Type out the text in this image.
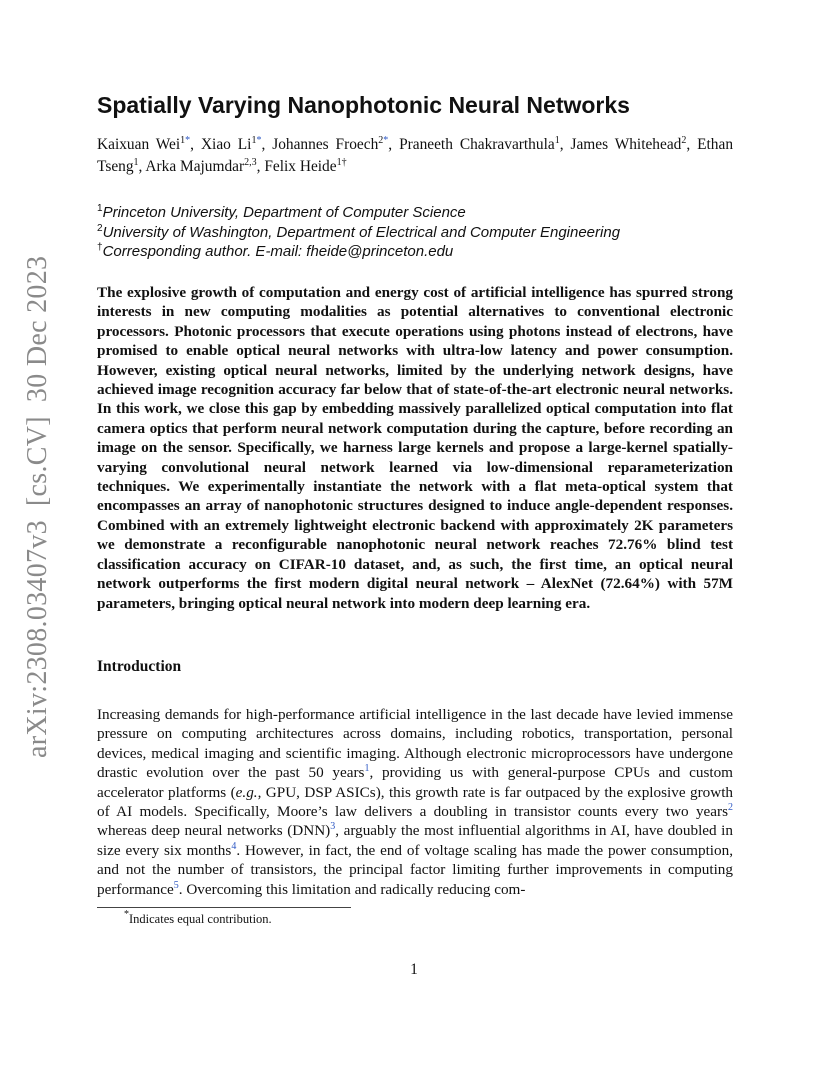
arXiv:2308.03407v3[cs.CV]30 Dec 2023
Spatially Varying Nanophotonic Neural Networks
Kaixuan Wei$^{1*}$, Xiao $Li^{1*}$, Johannes Froech$^{2*}$, Praneeth Chakravarthula$^1$, James Whitehead$^2$, Ethan Tseng$^1$, Arka Majumdar$^{2,3}$, Felix Heide$^{1\dagger}$
$^1$Princeton University, Department of Computer Science
$^2$University of Washington, Department of Electrical and Computer Engineering
†Corresponding author. E-mail: fheide@princeton.edu

The explosive growth of computation and energy cost of artificial intelligence has spurred strong interests in new computing modalities as potential alternatives to conventional electronic processors. Photonic processors that execute operations using photons instead of electrons, have promised to enable optical neural networks with ultra-low latency and power consumption. However, existing optical neural networks, limited by the underlying network designs, have achieved image recognition accuracy far below that of state-of-the-art electronic neural networks. In this work, we close this gap by embedding massively parallelized optical computation into flat camera optics that perform neural network computation during the capture, before recording an image on the sensor. Specifically, we harness large kernels and propose a large-kernel spatially-varying convolutional neural network learned via low-dimensional reparameterization techniques. We experimentally instantiate the network with a flat meta-optical system that encompasses an array of nanophotonic structures designed to induce angle-dependent responses. Combined with an extremely lightweight electronic backend with approximately 2K parameters we demonstrate a reconfigurable nanophotonic neural network reaches 72.76% blind test classification accuracy on CIFAR-10 dataset, and, as such, the first time, an optical neural network outperforms the first modern digital neural network – AlexNet (72.64%) with 57M parameters, bringing optical neural network into modern deep learning era.

Introduction

Increasing demands for high-performance artificial intelligence in the last decade have levied immense pressure on computing architectures across domains, including robotics, transportation, personal devices, medical imaging and scientific imaging. Although electronic microprocessors have undergone drastic evolution over the past 50 years$^1$, providing us with general-purpose CPUs and custom accelerator platforms (e.g., GPU, DSP ASICs), this growth rate is far outpaced by the explosive growth of AI models. Specifically, Moore’s law delivers a doubling in transistor counts every two years$^2$ whereas deep neural networks (DNN)$^3$, arguably the most influential algorithms in AI, have doubled in size every six months$^4$. However, in fact, the end of voltage scaling has made the power consumption, and not the number of transistors, the principal factor limiting further improvements in computing performance$^5$. Overcoming this limitation and radically reducing com-

*Indicates equal contribution.
1
